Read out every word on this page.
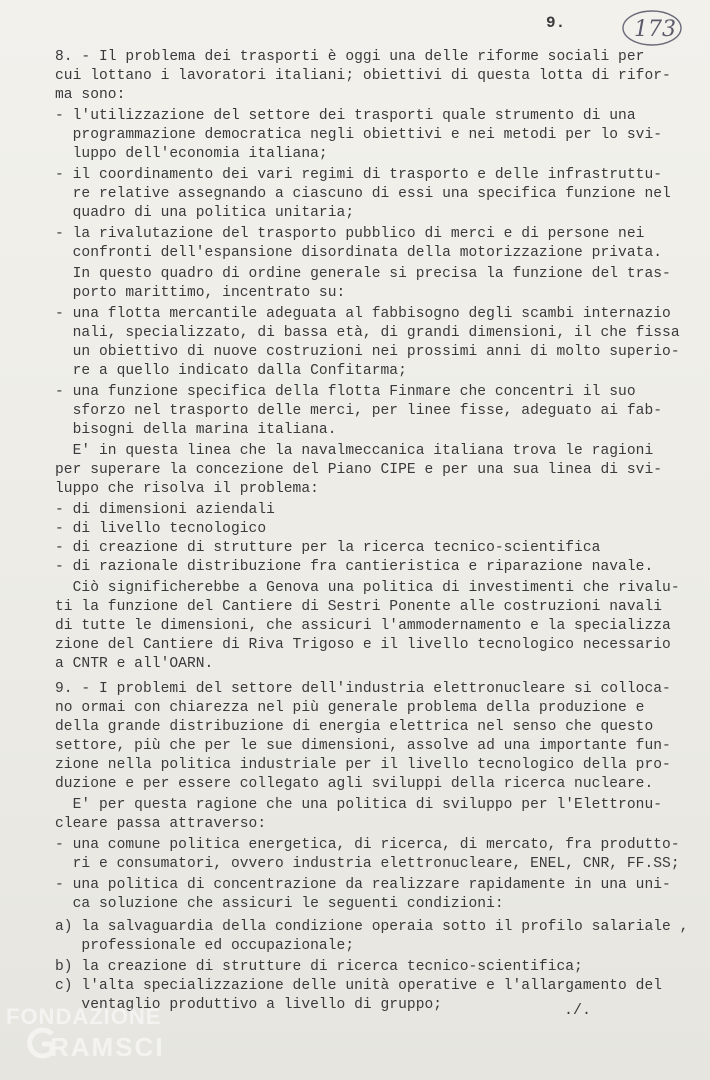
9.	173
8. - Il problema dei trasporti è oggi una delle riforme sociali per
cui lottano i lavoratori italiani; obiettivi di questa lotta di rifor-
ma sono:
- l'utilizzazione del settore dei trasporti quale strumento di una
programmazione democratica negli obiettivi e nei metodi per lo svi-
luppo dell'economia italiana;
- il coordinamento dei vari regimi di trasporto e delle infrastruttu-
re relative assegnando a ciascuno di essi una specifica funzione nel
quadro di una politica unitaria;
- la rivalutazione del trasporto pubblico di merci e di persone nei
confronti dell'espansione disordinata della motorizzazione privata.
In questo quadro di ordine generale si precisa la funzione del tras-
porto marittimo, incentrato su:
- una flotta mercantile adeguata al fabbisogno degli scambi internazio
nali, specializzato, di bassa età, di grandi dimensioni, il che fissa
un obiettivo di nuove costruzioni nei prossimi anni di molto superio-
re a quello indicato dalla Confitarma;
- una funzione specifica della flotta Finmare che concentri il suo
sforzo nel trasporto delle merci, per linee fisse, adeguato ai fab-
bisogni della marina italiana.
E' in questa linea che la navalmeccanica italiana trova le ragioni
per superare la concezione del Piano CIPE e per una sua linea di svi-
luppo che risolva il problema:
- di dimensioni aziendali
- di livello tecnologico
- di creazione di strutture per la ricerca tecnico-scientifica
- di razionale distribuzione fra cantieristica e riparazione navale.
Ciò significherebbe a Genova una politica di investimenti che rivalu-
ti la funzione del Cantiere di Sestri Ponente alle costruzioni navali
di tutte le dimensioni, che assicuri l'ammodernamento e la specializza
zione del Cantiere di Riva Trigoso e il livello tecnologico necessario
a CNTR e all'OARN.
9. - I problemi del settore dell'industria elettronucleare si colloca-
no ormai con chiarezza nel più generale problema della produzione e
della grande distribuzione di energia elettrica nel senso che questo
settore, più che per le sue dimensioni, assolve ad una importante fun-
zione nella politica industriale per il livello tecnologico della pro-
duzione e per essere collegato agli sviluppi della ricerca nucleare.
E' per questa ragione che una politica di sviluppo per l'Elettronu-
cleare passa attraverso:
- una comune politica energetica, di ricerca, di mercato, fra produtto-
ri e consumatori, ovvero industria elettronucleare, ENEL, CNR, FF.SS;
- una politica di concentrazione da realizzare rapidamente in una uni-
ca soluzione che assicuri le seguenti condizioni:
a) la salvaguardia della condizione operaia sotto il profilo salariale ,
professionale ed occupazionale;
b) la creazione di strutture di ricerca tecnico-scientifica;
c) l'alta specializzazione delle unità operative e l'allargamento del
ventaglio produttivo a livello di gruppo;	./.
FONDAZIONE
RAMSCI
